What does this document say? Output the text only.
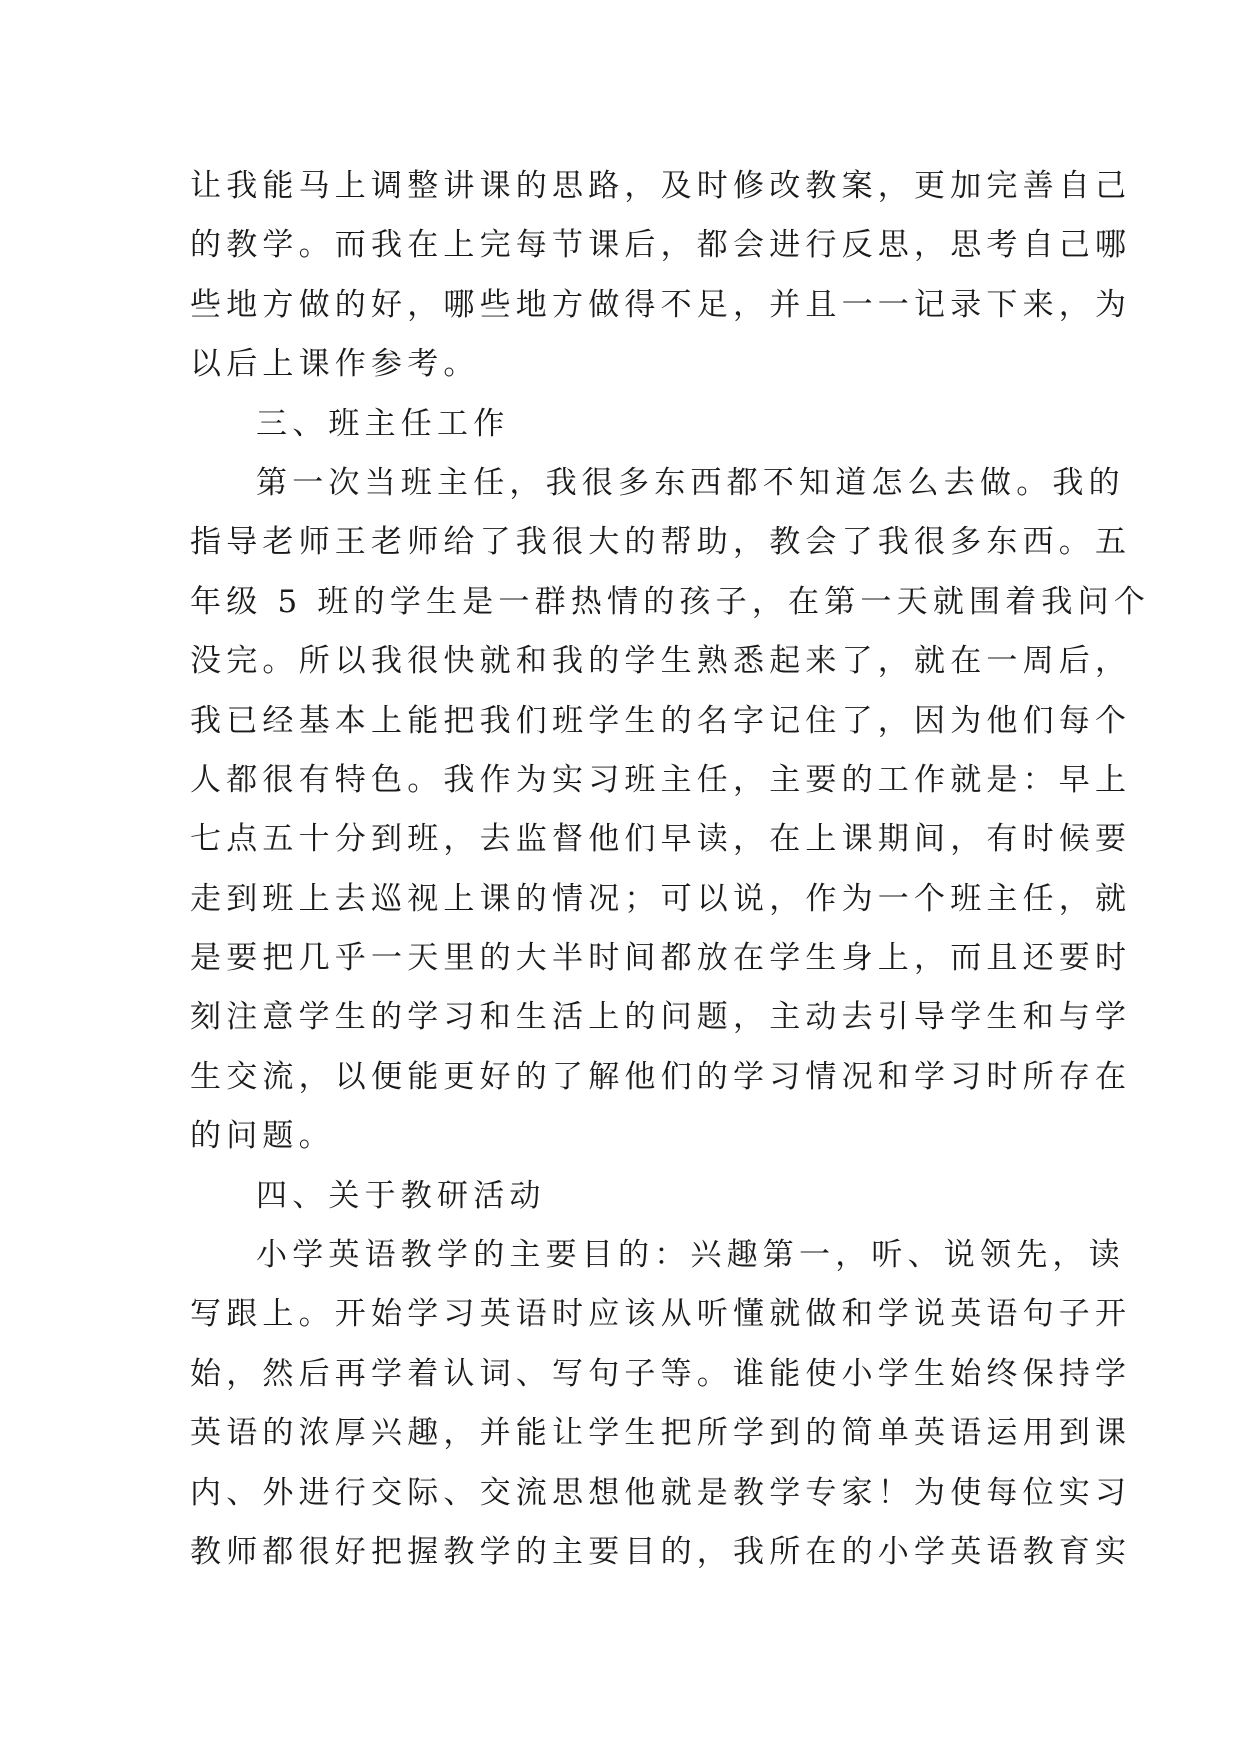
让我能马上调整讲课的思路，及时修改教案，更加完善自己
的教学。而我在上完每节课后，都会进行反思，思考自己哪
些地方做的好，哪些地方做得不足，并且一一记录下来，为
以后上课作参考。
三、班主任工作
第一次当班主任，我很多东西都不知道怎么去做。我的
指导老师王老师给了我很大的帮助，教会了我很多东西。五
年级 5 班的学生是一群热情的孩子，在第一天就围着我问个
没完。所以我很快就和我的学生熟悉起来了，就在一周后，
我已经基本上能把我们班学生的名字记住了，因为他们每个
人都很有特色。我作为实习班主任，主要的工作就是：早上
七点五十分到班，去监督他们早读，在上课期间，有时候要
走到班上去巡视上课的情况；可以说，作为一个班主任，就
是要把几乎一天里的大半时间都放在学生身上，而且还要时
刻注意学生的学习和生活上的问题，主动去引导学生和与学
生交流，以便能更好的了解他们的学习情况和学习时所存在
的问题。
四、关于教研活动
小学英语教学的主要目的：兴趣第一，听、说领先，读
写跟上。开始学习英语时应该从听懂就做和学说英语句子开
始，然后再学着认词、写句子等。谁能使小学生始终保持学
英语的浓厚兴趣，并能让学生把所学到的简单英语运用到课
内、外进行交际、交流思想他就是教学专家！为使每位实习
教师都很好把握教学的主要目的，我所在的小学英语教育实
